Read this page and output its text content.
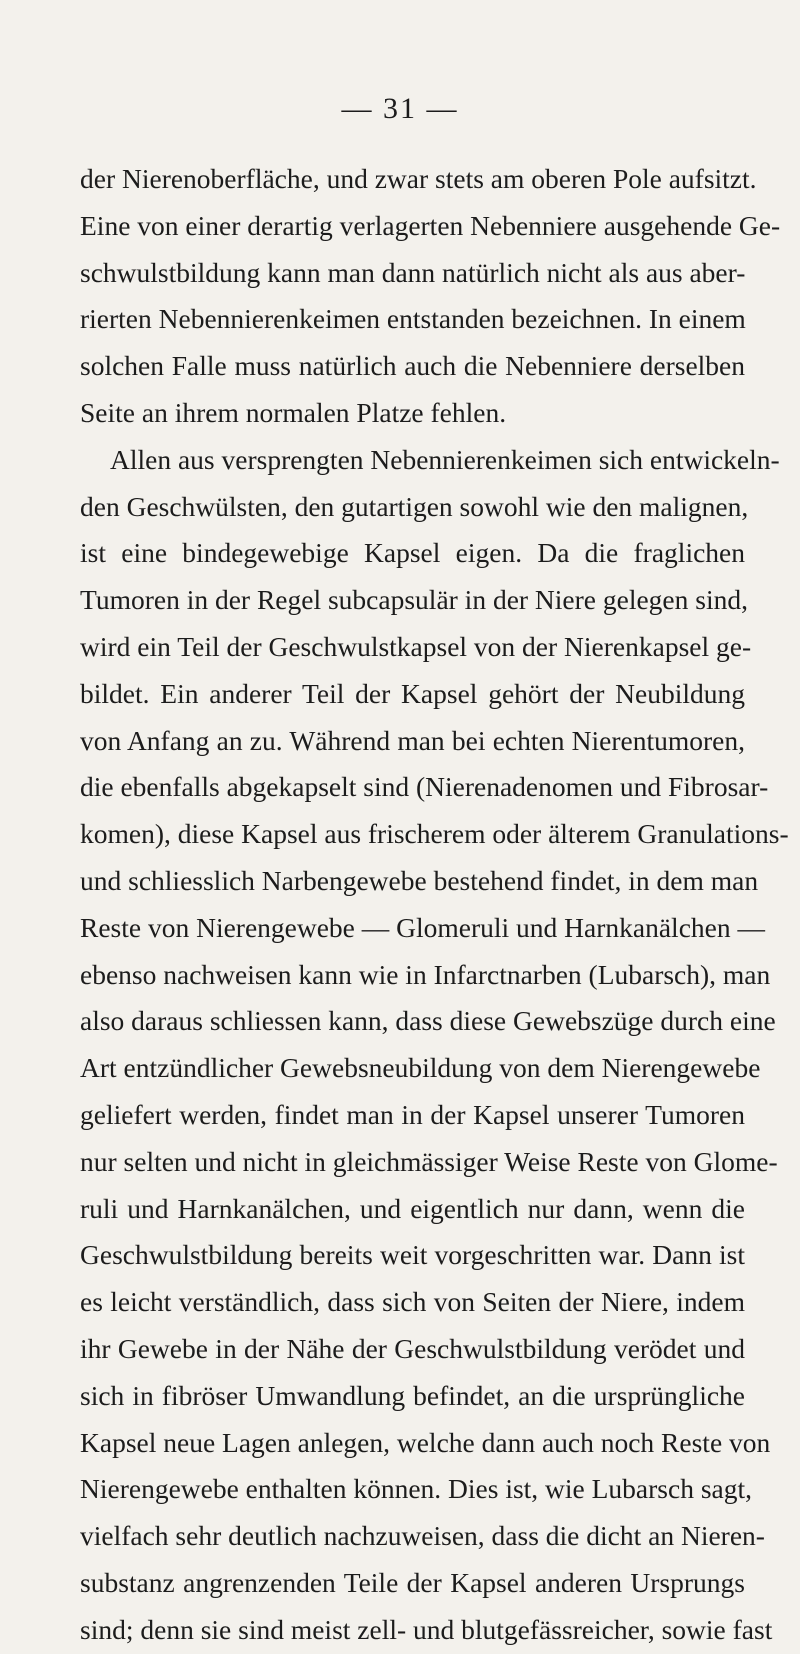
— 31 —
der Nierenoberfläche, und zwar stets am oberen Pole aufsitzt.
Eine von einer derartig verlagerten Nebenniere ausgehende Ge-
schwulstbildung kann man dann natürlich nicht als aus aber-
rierten Nebennierenkeimen entstanden bezeichnen. In einem
solchen Falle muss natürlich auch die Nebenniere derselben
Seite an ihrem normalen Platze fehlen.
Allen aus versprengten Nebennierenkeimen sich entwickeln-
den Geschwülsten, den gutartigen sowohl wie den malignen,
ist eine bindegewebige Kapsel eigen. Da die fraglichen
Tumoren in der Regel subcapsulär in der Niere gelegen sind,
wird ein Teil der Geschwulstkapsel von der Nierenkapsel ge-
bildet. Ein anderer Teil der Kapsel gehört der Neubildung
von Anfang an zu. Während man bei echten Nierentumoren,
die ebenfalls abgekapselt sind (Nierenadenomen und Fibrosar-
komen), diese Kapsel aus frischerem oder älterem Granulations-
und schliesslich Narbengewebe bestehend findet, in dem man
Reste von Nierengewebe — Glomeruli und Harnkanälchen —
ebenso nachweisen kann wie in Infarctnarben (Lubarsch), man
also daraus schliessen kann, dass diese Gewebszüge durch eine
Art entzündlicher Gewebsneubildung von dem Nierengewebe
geliefert werden, findet man in der Kapsel unserer Tumoren
nur selten und nicht in gleichmässiger Weise Reste von Glome-
ruli und Harnkanälchen, und eigentlich nur dann, wenn die
Geschwulstbildung bereits weit vorgeschritten war. Dann ist
es leicht verständlich, dass sich von Seiten der Niere, indem
ihr Gewebe in der Nähe der Geschwulstbildung verödet und
sich in fibröser Umwandlung befindet, an die ursprüngliche
Kapsel neue Lagen anlegen, welche dann auch noch Reste von
Nierengewebe enthalten können. Dies ist, wie Lubarsch sagt,
vielfach sehr deutlich nachzuweisen, dass die dicht an Nieren-
substanz angrenzenden Teile der Kapsel anderen Ursprungs
sind; denn sie sind meist zell- und blutgefässreicher, sowie fast
